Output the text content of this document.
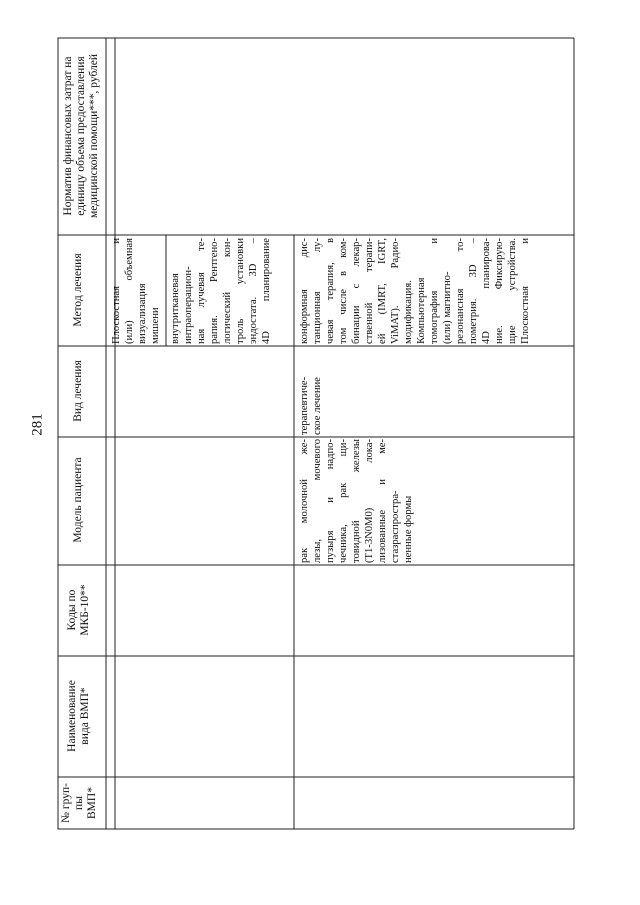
281
№ груп- пы ВМП*
Наименование вида ВМП*
Коды по МКБ-10**
Модель пациента
Вид лечения
Метод лечения
Норматив финансовых затрат на единицу объема предоставления медицинской помощи***, рублей
Плоскостная и (или) объемная визуализация мишени внутритканевая интраоперацион- ная лучевая те- рапия. Рентгено- логический кон- троль установки эндостата. 3D – 4D планирование
рак молочной же- лезы, мочевого пузыря и надпо- чечника, рак щи- товидной железы (T1-3N0M0) лока- лизованные и ме- стазраспростра- ненные формы
терапевтиче- ское лечение
конформная дис- танционная лу- чевая терапия, в том числе в ком- бинации с лекар- ственной терапи- ей (IMRT, IGRT, ViMAT). Радио- модификация. Компьютерная томография и (или) магнитно- резонансная то- пометрия. 3D – 4D планирова- ние. Фиксирую- щие устройства. Плоскостная и
